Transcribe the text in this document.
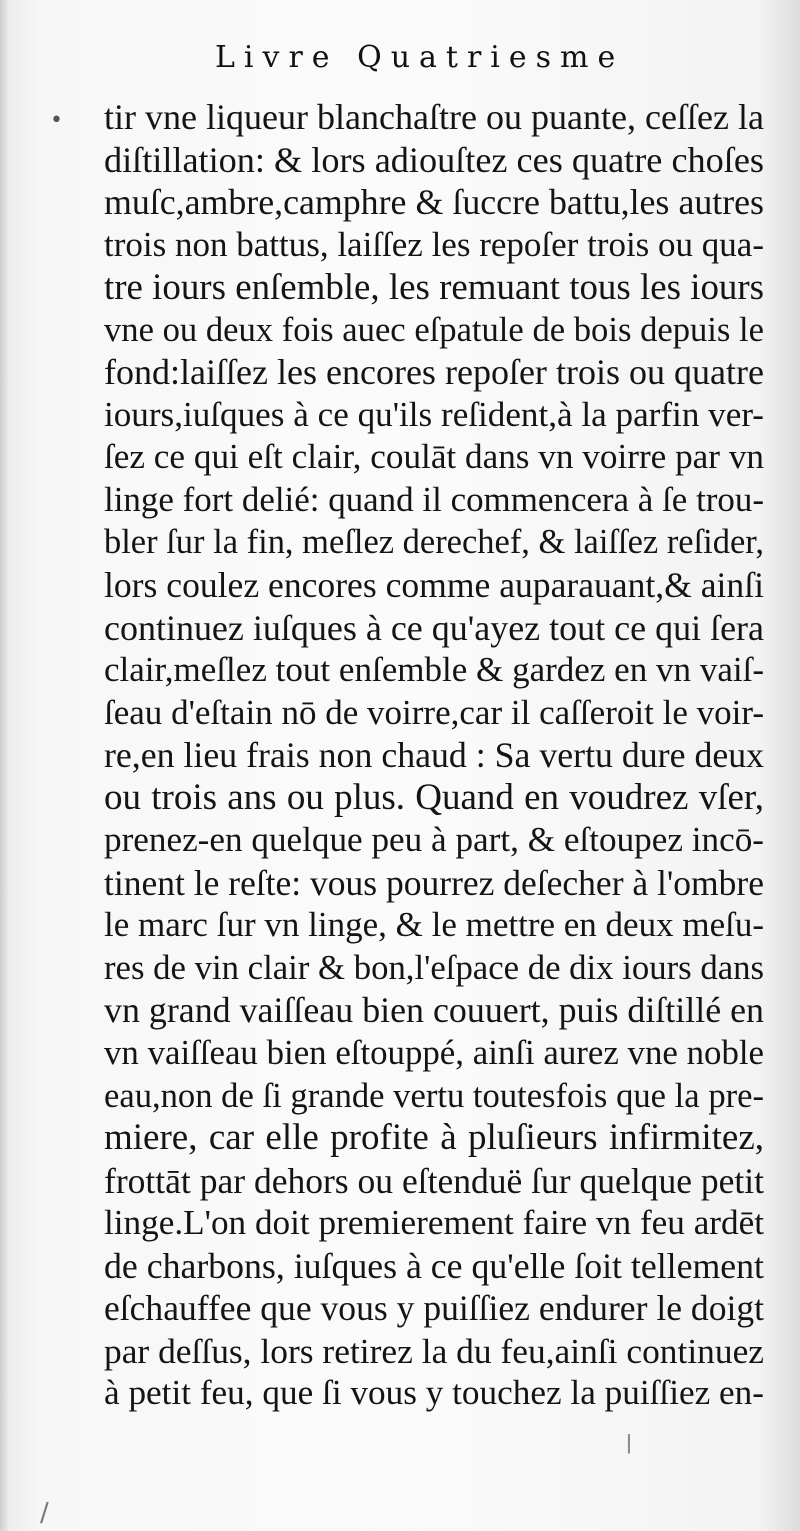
Livre Quatriesme
•
ǀ
/
tir vne liqueur blanchaſtre ou puante, ceſſez la
diſtillation: & lors adiouſtez ces quatre choſes
muſc,ambre,camphre & ſuccre battu,les autres
trois non battus, laiſſez les repoſer trois ou qua-
tre iours enſemble, les remuant tous les iours
vne ou deux fois auec eſpatule de bois depuis le
fond:laiſſez les encores repoſer trois ou quatre
iours,iuſques à ce qu'ils reſident,à la parfin ver-
ſez ce qui eſt clair, coulāt dans vn voirre par vn
linge fort delié: quand il commencera à ſe trou-
bler ſur la fin, meſlez derechef, & laiſſez reſider,
lors coulez encores comme auparauant,& ainſi
continuez iuſques à ce qu'ayez tout ce qui ſera
clair,meſlez tout enſemble & gardez en vn vaiſ-
ſeau d'eſtain nō de voirre,car il caſſeroit le voir-
re,en lieu frais non chaud : Sa vertu dure deux
ou trois ans ou plus. Quand en voudrez vſer,
prenez-en quelque peu à part, & eſtoupez incō-
tinent le reſte: vous pourrez deſecher à l'ombre
le marc ſur vn linge, & le mettre en deux meſu-
res de vin clair & bon,l'eſpace de dix iours dans
vn grand vaiſſeau bien couuert, puis diſtillé en
vn vaiſſeau bien eſtouppé, ainſi aurez vne noble
eau,non de ſi grande vertu toutesfois que la pre-
miere, car elle profite à pluſieurs infirmitez,
frottāt par dehors ou eſtenduë ſur quelque petit
linge.L'on doit premierement faire vn feu ardēt
de charbons, iuſques à ce qu'elle ſoit tellement
eſchauffee que vous y puiſſiez endurer le doigt
par deſſus, lors retirez la du feu,ainſi continuez
à petit feu, que ſi vous y touchez la puiſſiez en-
